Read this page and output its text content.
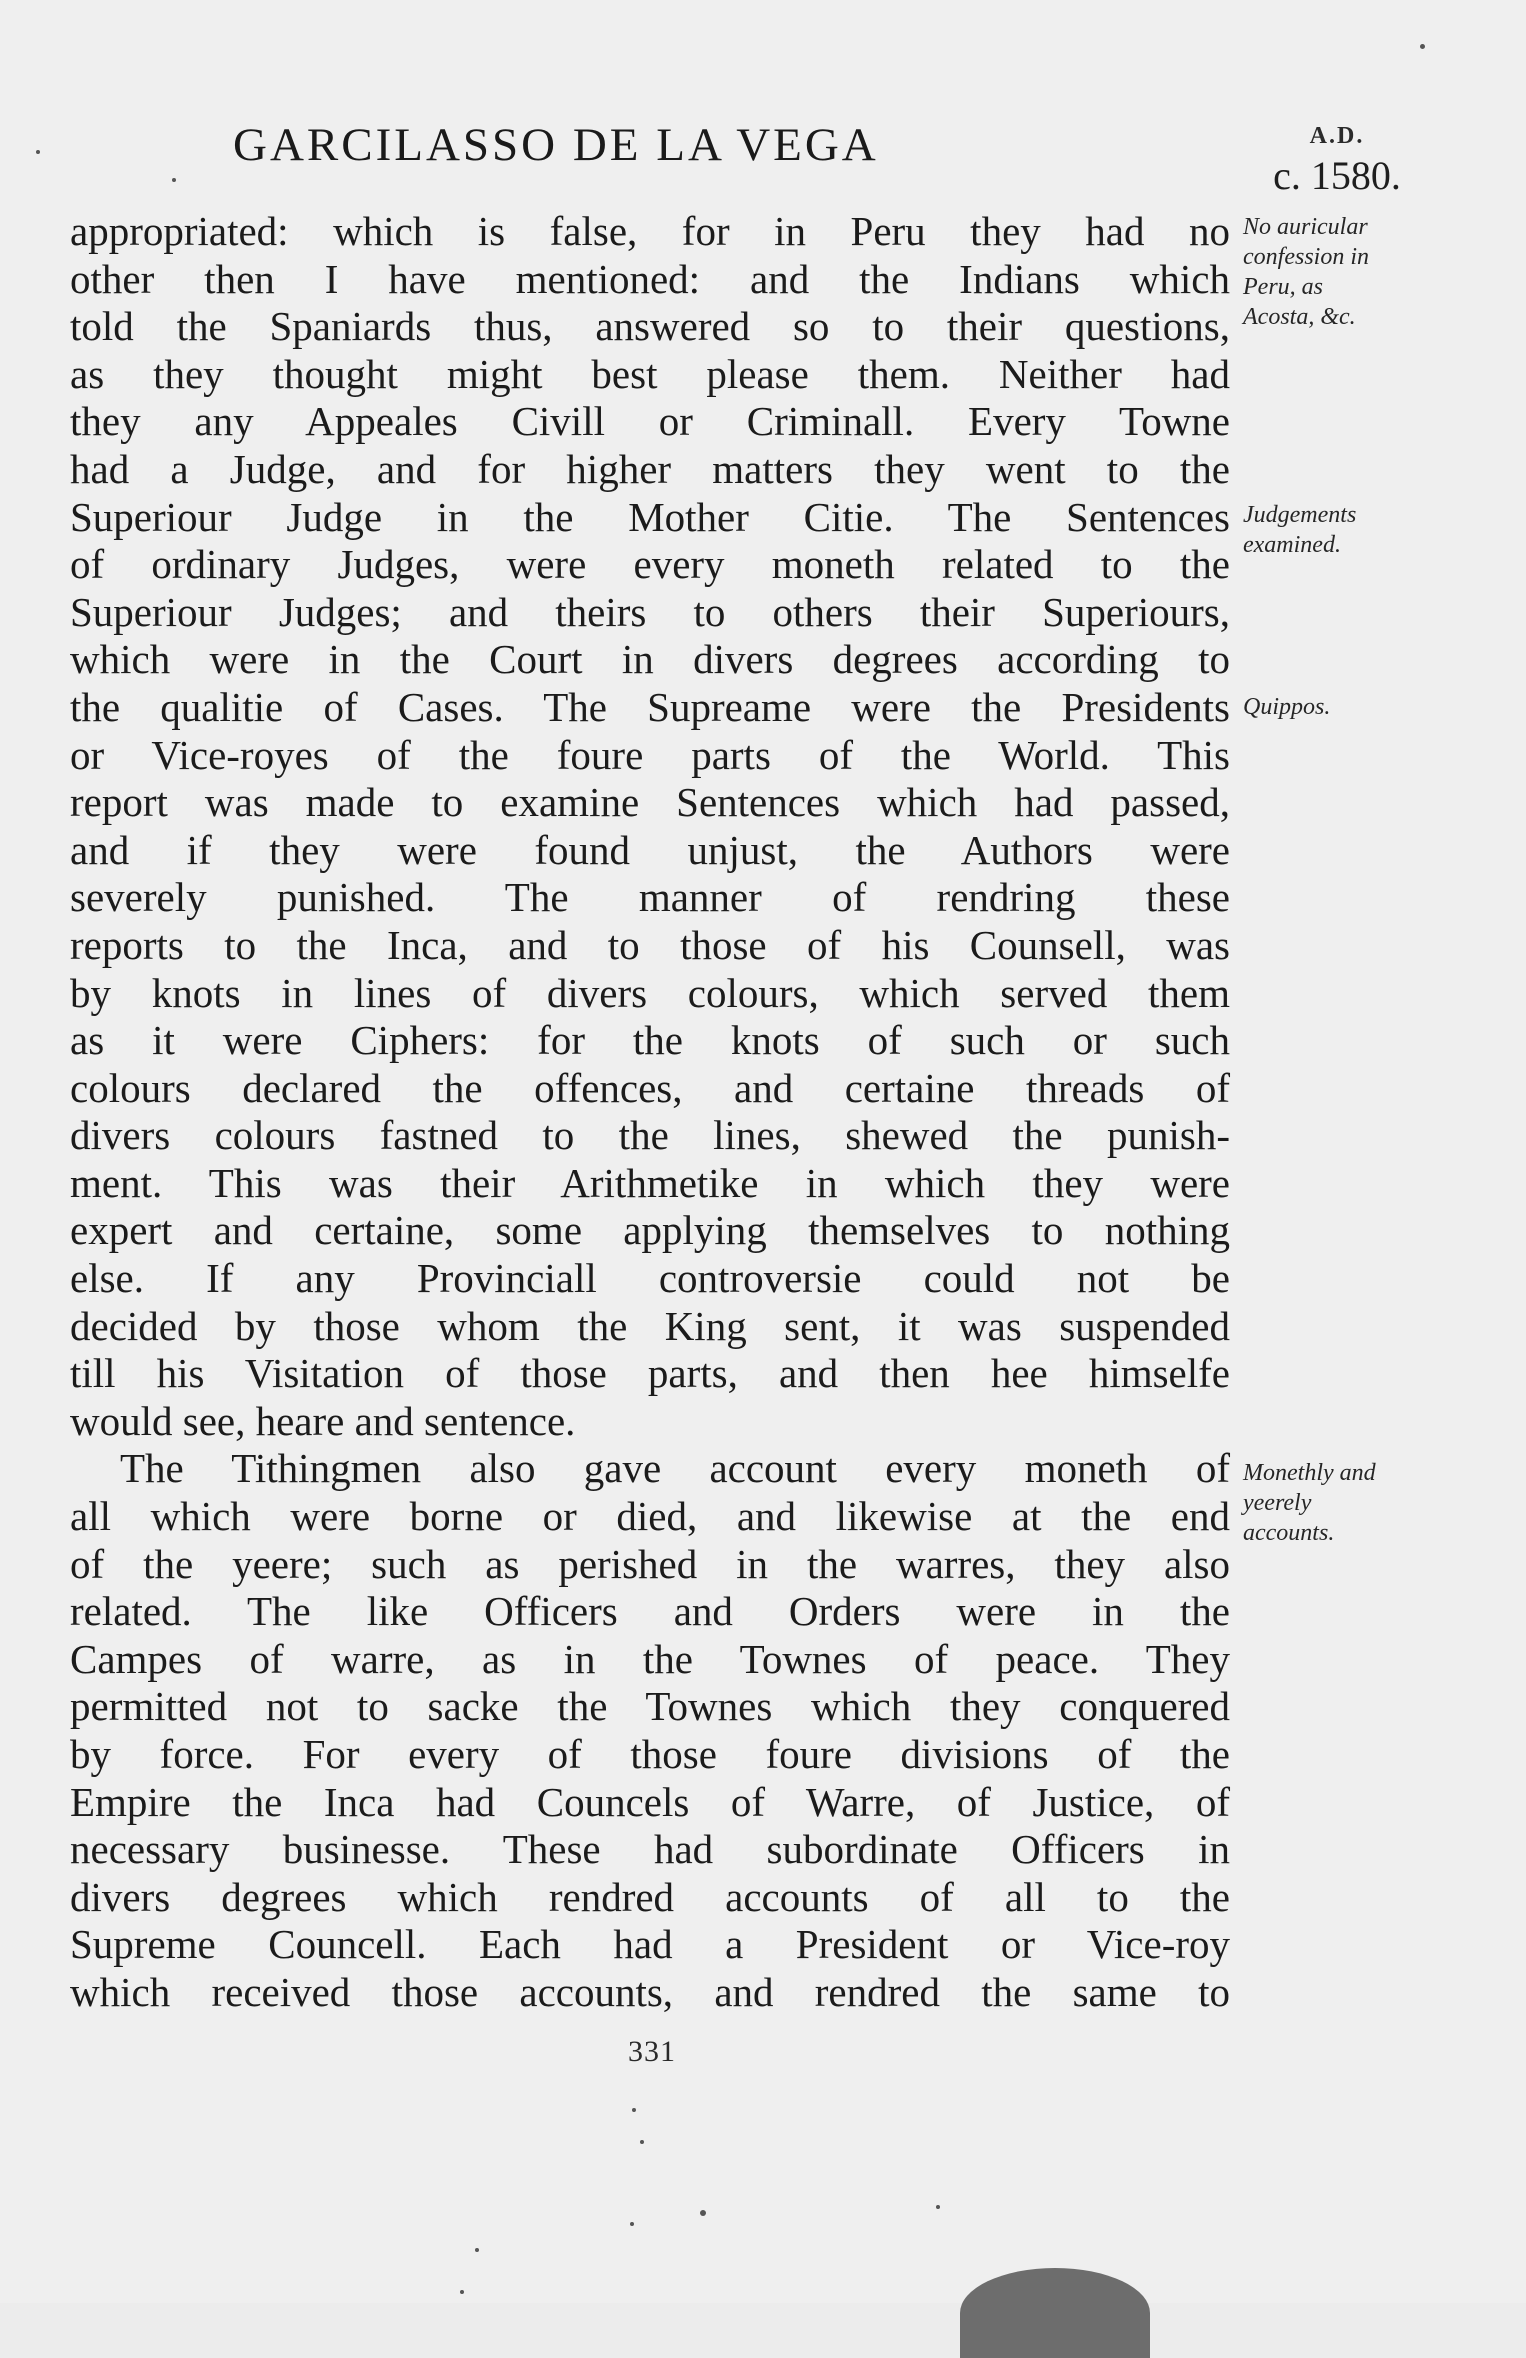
GARCILASSO DE LA VEGA	A.D.
c. 1580.
appropriated: which is false, for in Peru they had no
other then I have mentioned: and the Indians which
told the Spaniards thus, answered so to their questions,
as they thought might best please them. Neither had
they any Appeales Civill or Criminall. Every Towne
had a Judge, and for higher matters they went to the
Superiour Judge in the Mother Citie. The Sentences
of ordinary Judges, were every moneth related to the
Superiour Judges; and theirs to others their Superiours,
which were in the Court in divers degrees according to
the qualitie of Cases. The Supreame were the Presidents
or Vice-royes of the foure parts of the World. This
report was made to examine Sentences which had passed,
and if they were found unjust, the Authors were
severely punished. The manner of rendring these
reports to the Inca, and to those of his Counsell, was
by knots in lines of divers colours, which served them
as it were Ciphers: for the knots of such or such
colours declared the offences, and certaine threads of
divers colours fastned to the lines, shewed the punish-
ment. This was their Arithmetike in which they were
expert and certaine, some applying themselves to nothing
else. If any Provinciall controversie could not be
decided by those whom the King sent, it was suspended
till his Visitation of those parts, and then hee himselfe
would see, heare and sentence.
The Tithingmen also gave account every moneth of
all which were borne or died, and likewise at the end
of the yeere; such as perished in the warres, they also
related. The like Officers and Orders were in the
Campes of warre, as in the Townes of peace. They
permitted not to sacke the Townes which they conquered
by force. For every of those foure divisions of the
Empire the Inca had Councels of Warre, of Justice, of
necessary businesse. These had subordinate Officers in
divers degrees which rendred accounts of all to the
Supreme Councell. Each had a President or Vice-roy
which received those accounts, and rendred the same to
No auricular
confession in
Peru, as
Acosta, &c.
Judgements
examined.
Quippos.
Monethly and
yeerely
accounts.
331
